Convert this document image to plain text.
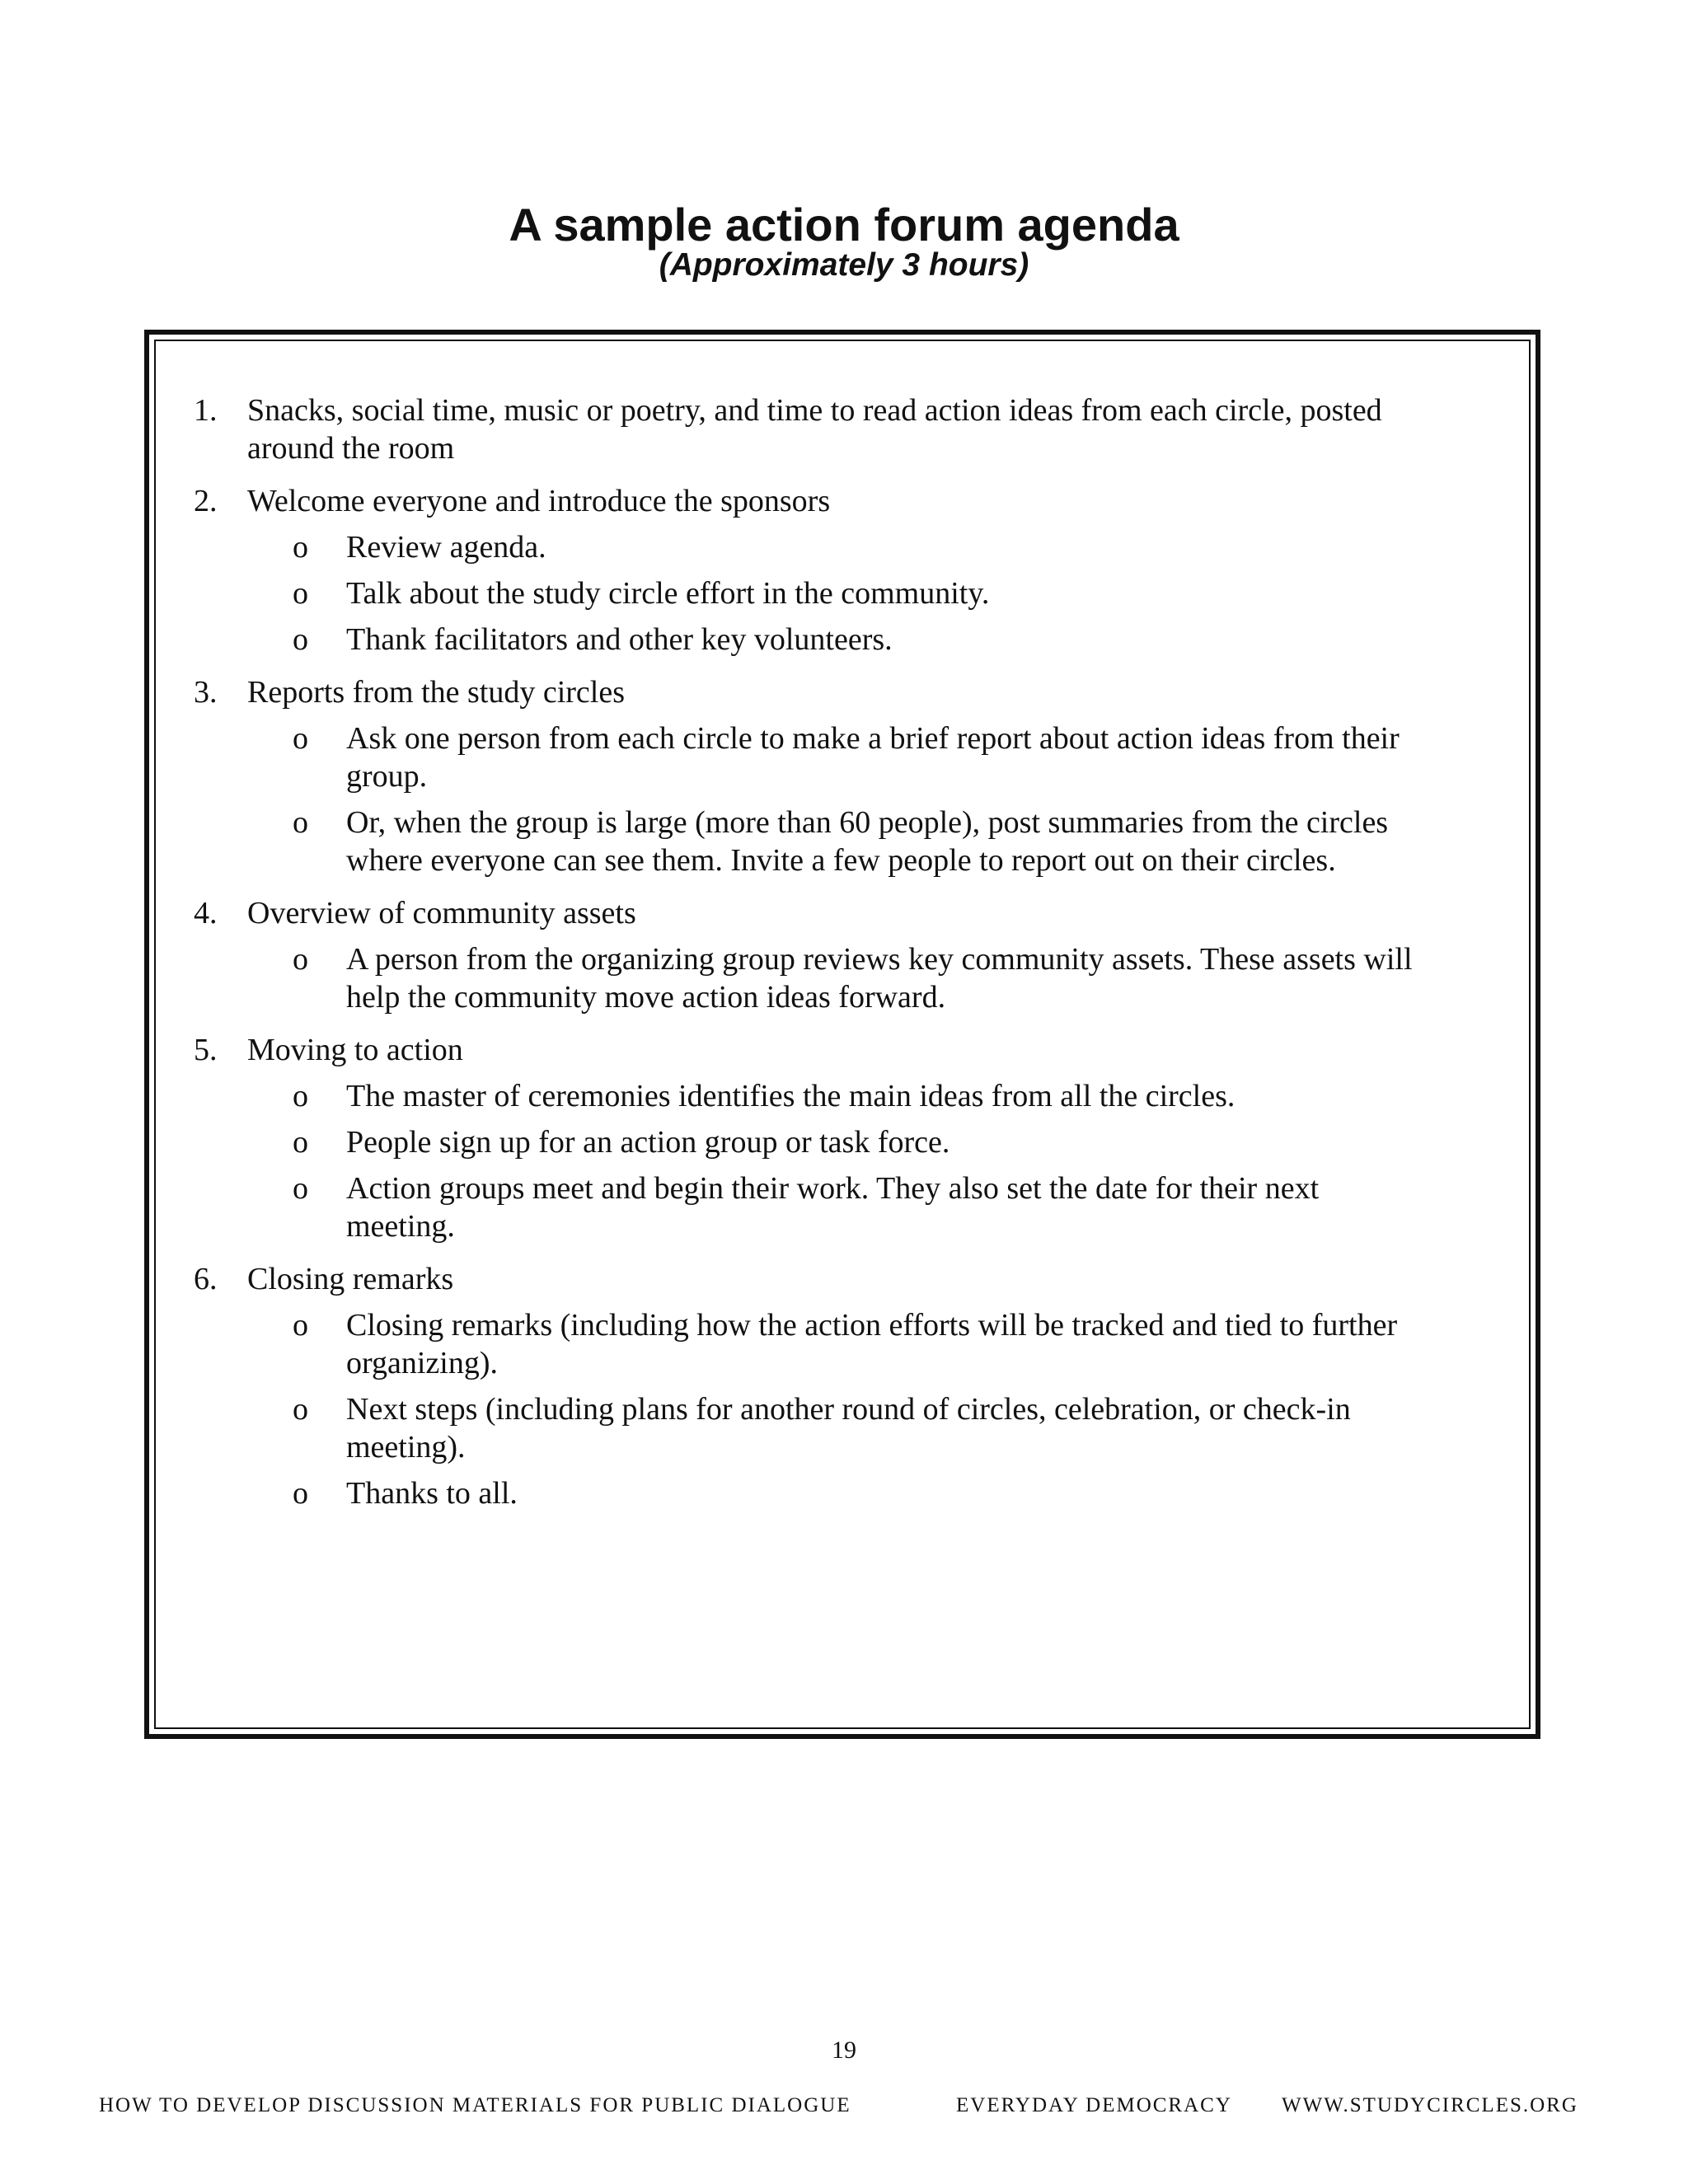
A sample action forum agenda
(Approximately 3 hours)
1. Snacks, social time, music or poetry, and time to read action ideas from each circle, posted around the room
2. Welcome everyone and introduce the sponsors
o	Review agenda.
o	Talk about the study circle effort in the community.
o	Thank facilitators and other key volunteers.
3. Reports from the study circles
o	Ask one person from each circle to make a brief report about action ideas from their group.
o	Or, when the group is large (more than 60 people), post summaries from the circles where everyone can see them. Invite a few people to report out on their circles.
4. Overview of community assets
o	A person from the organizing group reviews key community assets. These assets will help the community move action ideas forward.
5. Moving to action
o	The master of ceremonies identifies the main ideas from all the circles.
o	People sign up for an action group or task force.
o	Action groups meet and begin their work. They also set the date for their next meeting.
6. Closing remarks
o	Closing remarks (including how the action efforts will be tracked and tied to further organizing).
o	Next steps (including plans for another round of circles, celebration, or check-in meeting).
o	Thanks to all.
19
HOW TO DEVELOP DISCUSSION MATERIALS FOR PUBLIC DIALOGUE	EVERYDAY DEMOCRACY WWW.STUDYCIRCLES.ORG
